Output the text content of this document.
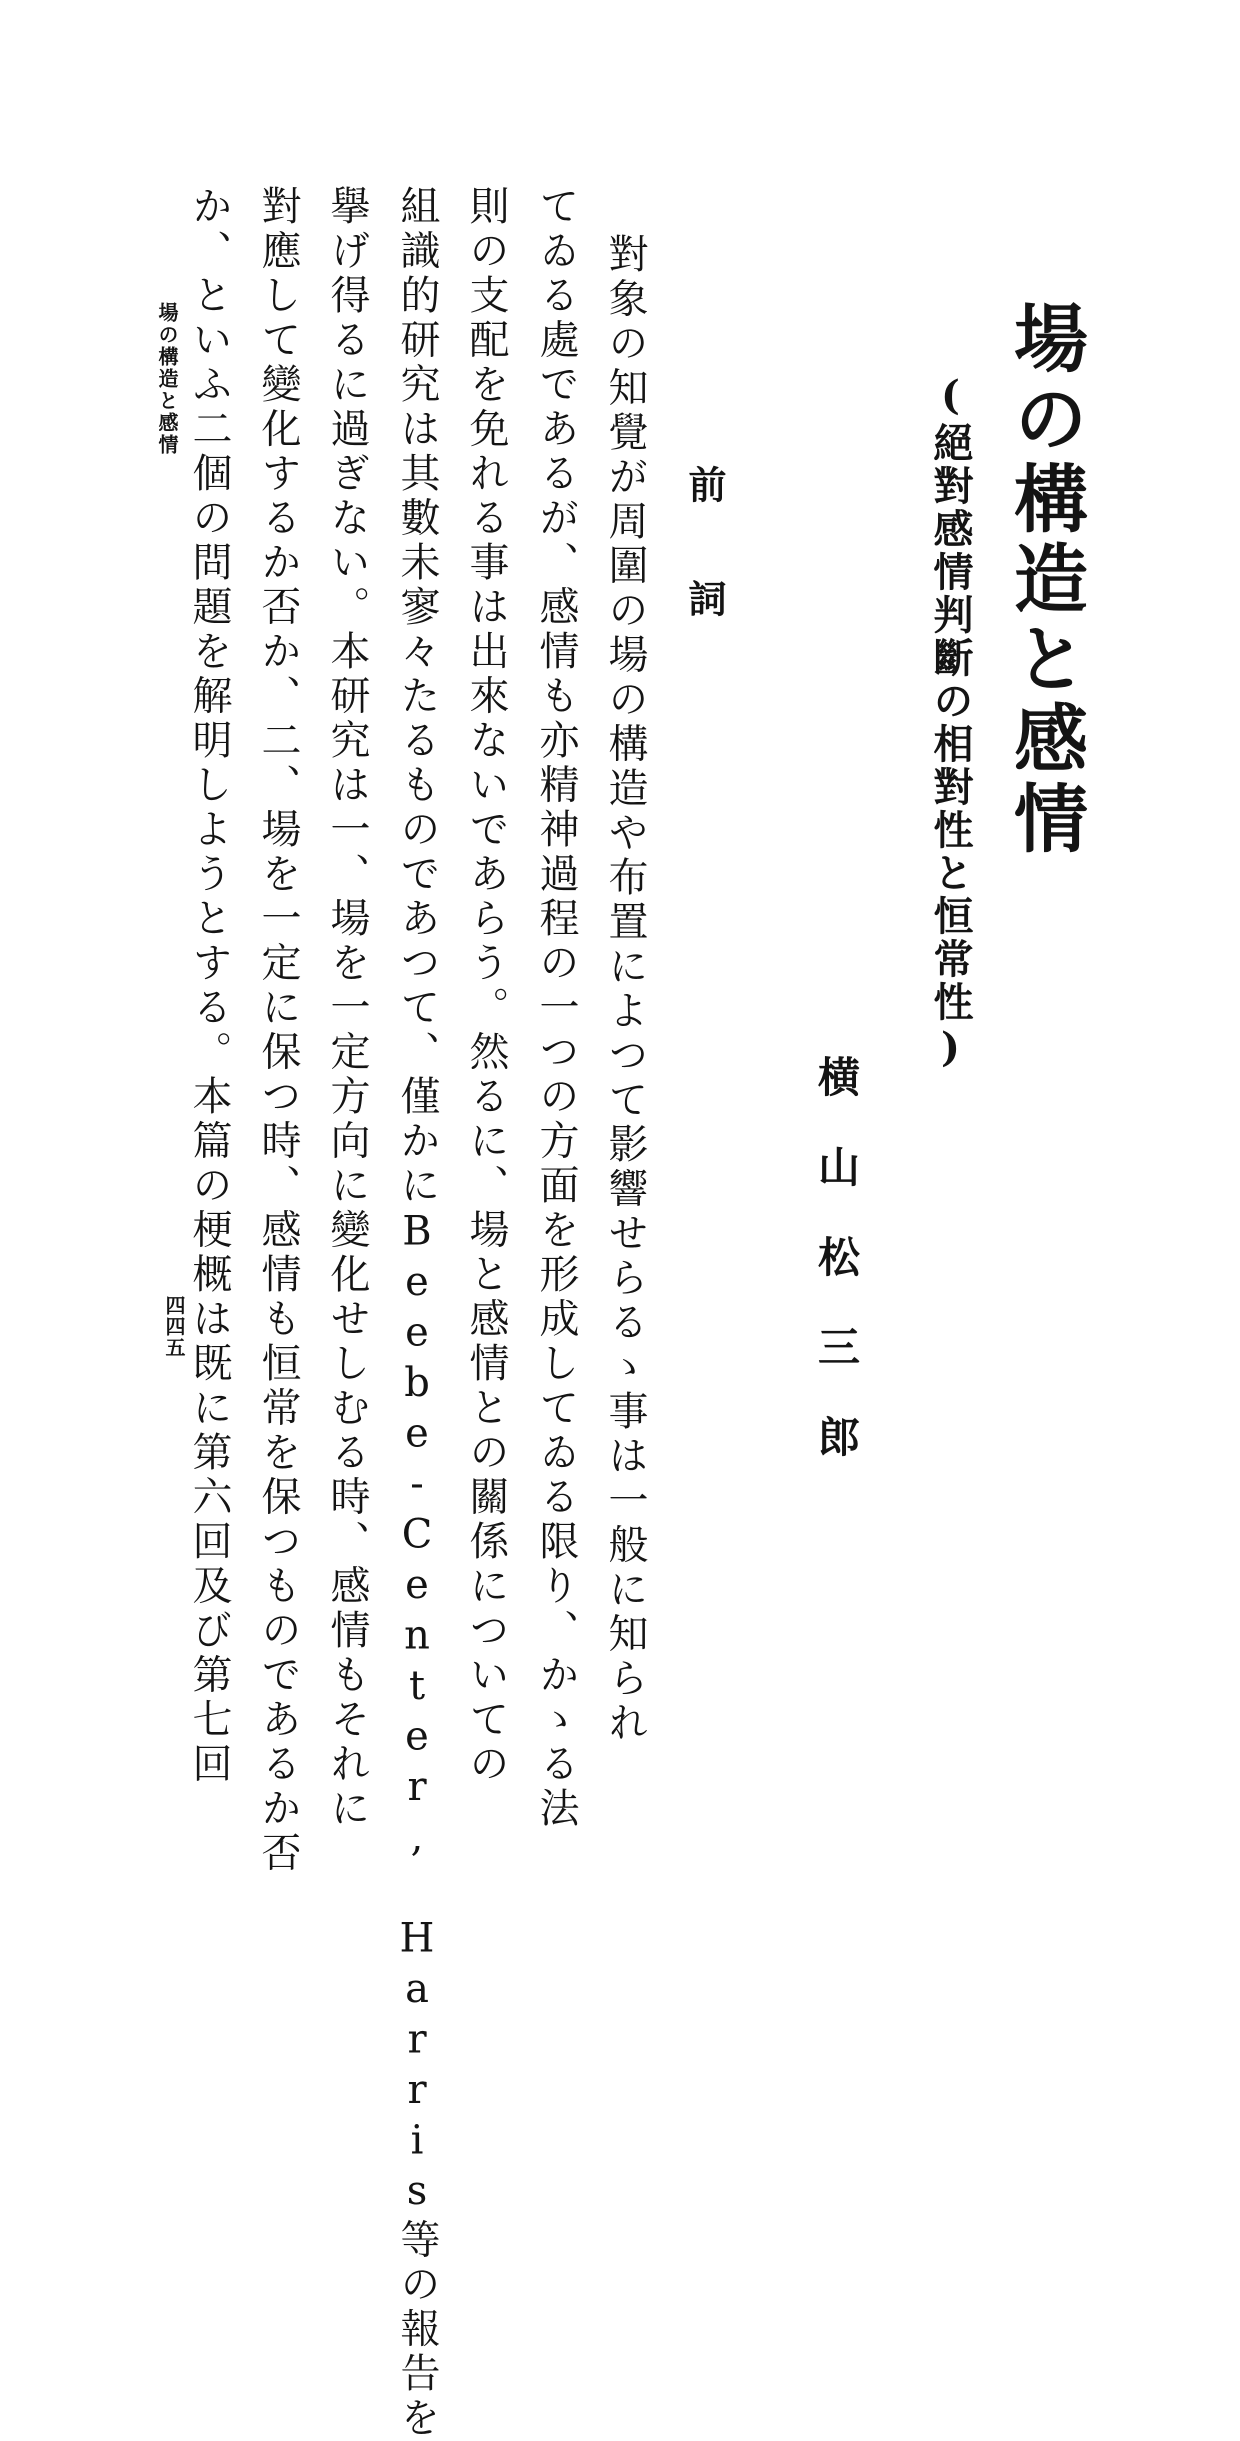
場の構造と感情
(絕對感情判斷の相對性と恒常性)
横山松三郎
前詞

對象の知覺が周圍の場の構造や布置によつて影響せらるゝ事は一般に知られ

てゐる處であるが、感情も亦精神過程の一つの方面を形成してゐる限り、かゝる法

則の支配を免れる事は出來ないであらう。然るに、場と感情との關係についての

組識的研究は其數未寥々たるものであつて、僅かにBeebe-Center, Harris等の報告を

擧げ得るに過ぎない。本研究は一、場を一定方向に變化せしむる時、感情もそれに

對應して變化するか否か、二、場を一定に保つ時、感情も恒常を保つものであるか否

か、といふ二個の問題を解明しようとする。本篇の梗概は既に第六回及び第七回

場の構造と感情
四四五
